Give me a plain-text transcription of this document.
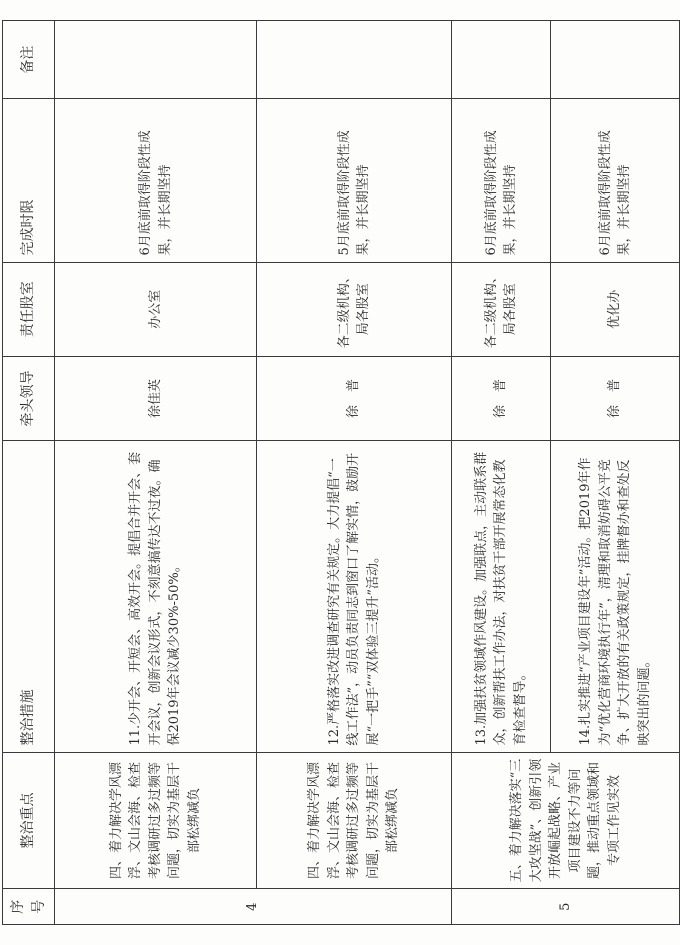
序号	整治重点	整治措施	牵头领导	责任股室	完成时限	备注
4	四、着力解决学风漂浮、文山会海、检查考核调研过多过频等问题，切实为基层干部松绑减负	11.少开会、开短会、高效开会。提倡合并开会、套开会议，创新会议形式，不刻意搞传达不过夜。确保2019年会议减少30%-50%。	徐佳英	办公室	6月底前取得阶段性成果，并长期坚持	
	四、着力解决学风漂浮、文山会海、检查考核调研过多过频等问题，切实为基层干部松绑减负	12.严格落实改进调查研究有关规定。大力提倡“一线工作法”，动员负责同志到窗口了解实情，鼓励开展“一把手”“双体验三提升”活动。	徐　普	各二级机构、局各股室	5月底前取得阶段性成果，并长期坚持	
5	五、着力解决落实“三大攻坚战”、创新引领开放崛起战略、产业项目建设不力等问题，推动重点领域和专项工作见实效	13.加强扶贫领域作风建设。加强联点，主动联系群众，创新帮扶工作办法，对扶贫干部开展常态化教育检查督导。	徐　普	各二级机构、局各股室	6月底前取得阶段性成果，并长期坚持	
		14.扎实推进“产业项目建设年”活动。把2019年作为“优化营商环境执行年”，清理和取消妨碍公平竞争、扩大开放的有关政策规定，挂牌督办和查处反映突出的问题。	徐　普	优化办	6月底前取得阶段性成果，并长期坚持	
